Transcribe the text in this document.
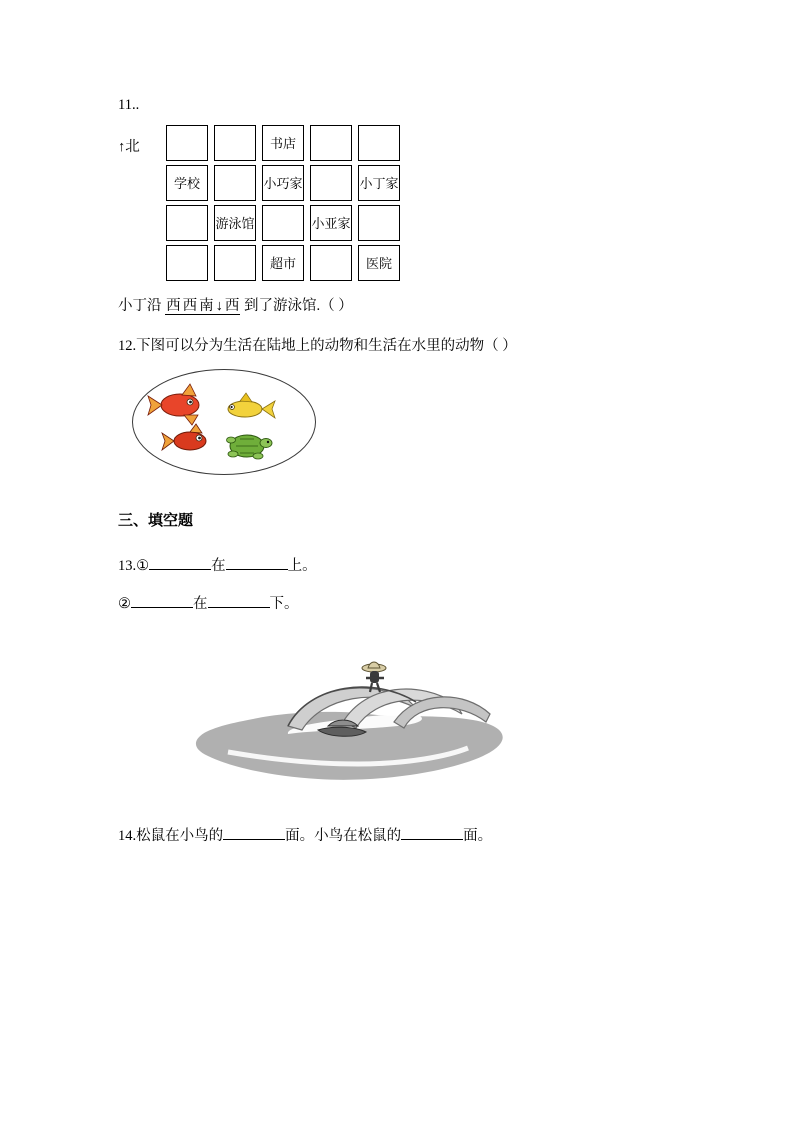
11..
↑北

		书店		

学校		小巧家		小丁家

	游泳馆		小亚家	

		超市		医院
小丁沿 西 西 南 ↓ 西 到了游泳馆.（ ）
12.下图可以分为生活在陆地上的动物和生活在水里的动物（ ）
三、填空题
13.①	在	上。
②	在	下。
14.松鼠在小鸟的	面。小鸟在松鼠的	面。
